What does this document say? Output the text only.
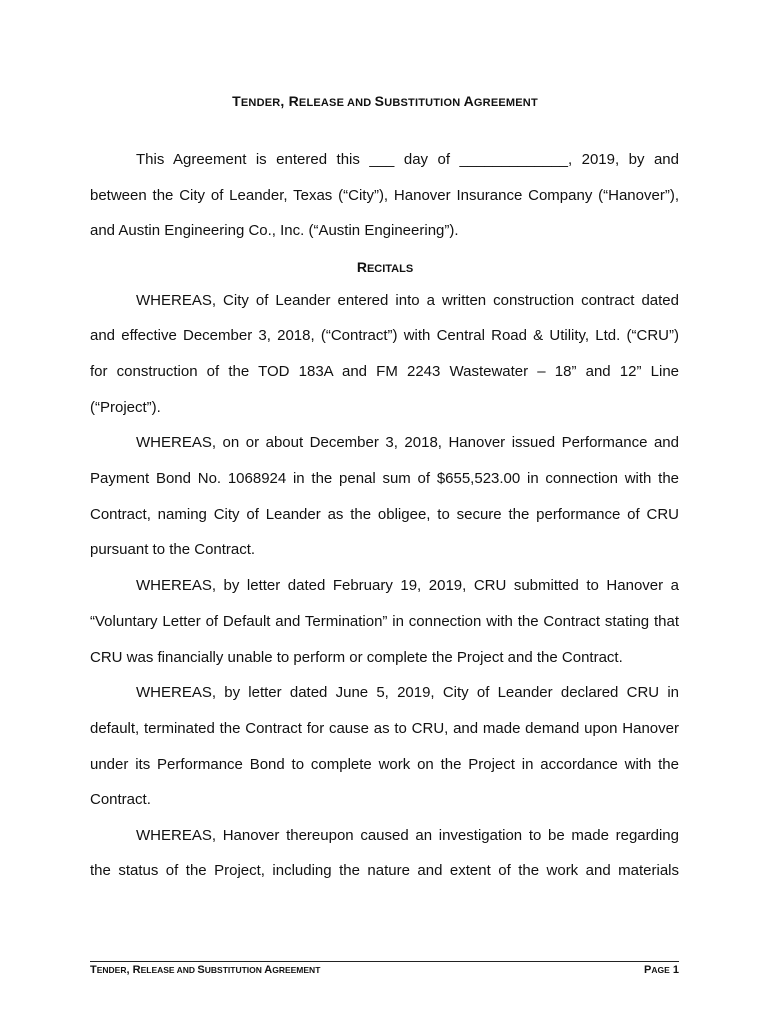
TENDER, RELEASE AND SUBSTITUTION AGREEMENT
This Agreement is entered this ___ day of _____________, 2019, by and
between the City of Leander, Texas (“City”), Hanover Insurance Company (“Hanover”),
and Austin Engineering Co., Inc. (“Austin Engineering”).
RECITALS
WHEREAS, City of Leander entered into a written construction contract dated
and effective December 3, 2018, (“Contract”) with Central Road & Utility, Ltd. (“CRU”)
for construction of the TOD 183A and FM 2243 Wastewater – 18” and 12” Line
(“Project”).
WHEREAS, on or about December 3, 2018, Hanover issued Performance and
Payment Bond No. 1068924 in the penal sum of $655,523.00 in connection with the
Contract, naming City of Leander as the obligee, to secure the performance of CRU
pursuant to the Contract.
WHEREAS, by letter dated February 19, 2019, CRU submitted to Hanover a
“Voluntary Letter of Default and Termination” in connection with the Contract stating that
CRU was financially unable to perform or complete the Project and the Contract.
WHEREAS, by letter dated June 5, 2019, City of Leander declared CRU in
default, terminated the Contract for cause as to CRU, and made demand upon Hanover
under its Performance Bond to complete work on the Project in accordance with the
Contract.
WHEREAS, Hanover thereupon caused an investigation to be made regarding
the status of the Project, including the nature and extent of the work and materials
TENDER, RELEASE AND SUBSTITUTION AGREEMENT	PAGE 1
